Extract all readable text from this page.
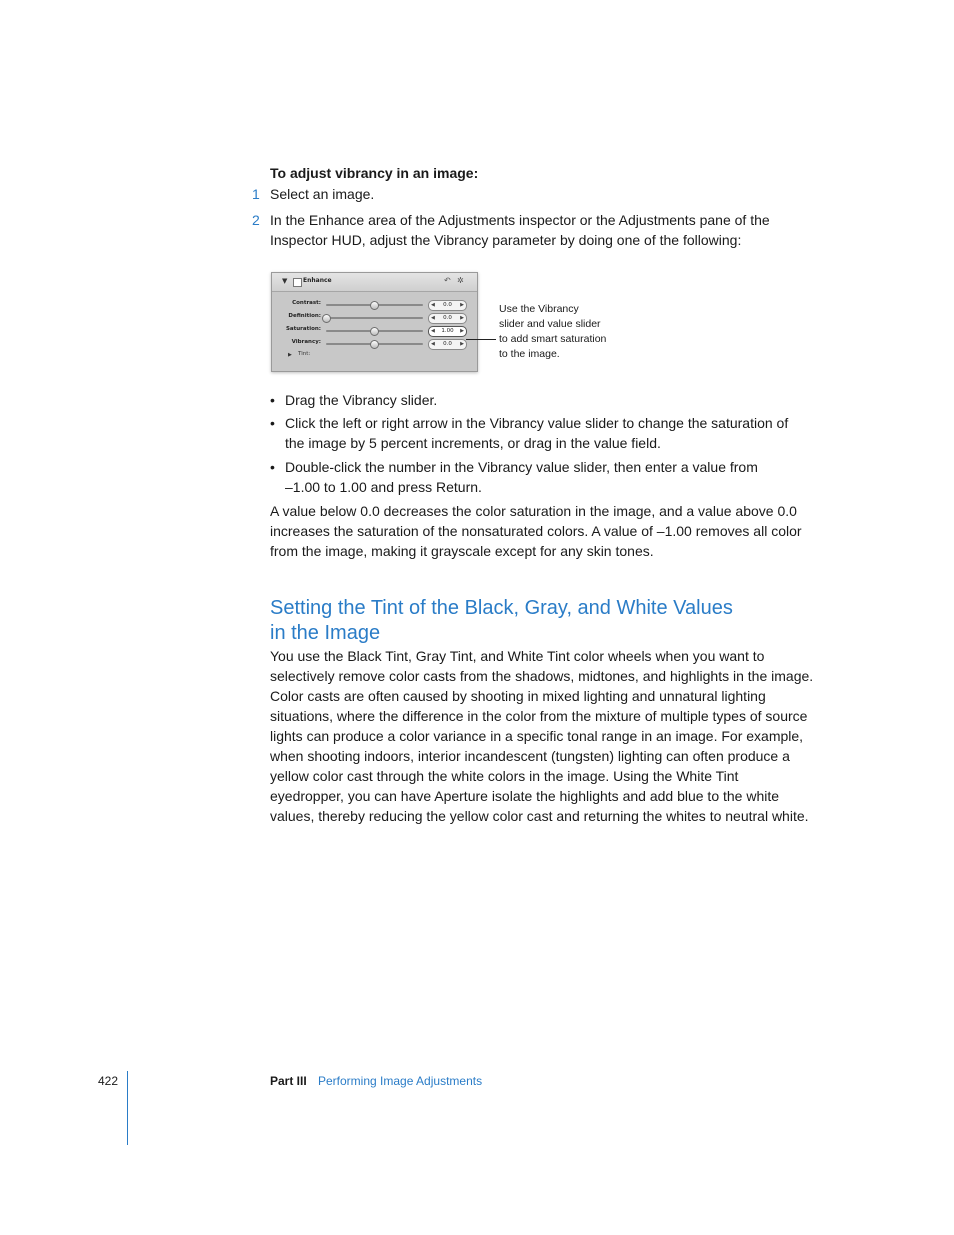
To adjust vibrancy in an image:
1 Select an image.
2 In the Enhance area of the Adjustments inspector or the Adjustments pane of the
Inspector HUD, adjust the Vibrancy parameter by doing one of the following:
▼	Enhance	↶ ✲
Contrast:	◀	0.0	▶
Definition:	◀	0.0	▶
Saturation:	◀	1.00	▶
Vibrancy:	◀	0.0	▶
▶ Tint:
Use the Vibrancy
slider and value slider
to add smart saturation
to the image.
• Drag the Vibrancy slider.
• Click the left or right arrow in the Vibrancy value slider to change the saturation of
the image by 5 percent increments, or drag in the value field.
• Double-click the number in the Vibrancy value slider, then enter a value from
–1.00 to 1.00 and press Return.
A value below 0.0 decreases the color saturation in the image, and a value above 0.0
increases the saturation of the nonsaturated colors. A value of –1.00 removes all color
from the image, making it grayscale except for any skin tones.
Setting the Tint of the Black, Gray, and White Values
in the Image
You use the Black Tint, Gray Tint, and White Tint color wheels when you want to
selectively remove color casts from the shadows, midtones, and highlights in the image.
Color casts are often caused by shooting in mixed lighting and unnatural lighting
situations, where the difference in the color from the mixture of multiple types of source
lights can produce a color variance in a specific tonal range in an image. For example,
when shooting indoors, interior incandescent (tungsten) lighting can often produce a
yellow color cast through the white colors in the image. Using the White Tint
eyedropper, you can have Aperture isolate the highlights and add blue to the white
values, thereby reducing the yellow color cast and returning the whites to neutral white.
422	Part III Performing Image Adjustments
